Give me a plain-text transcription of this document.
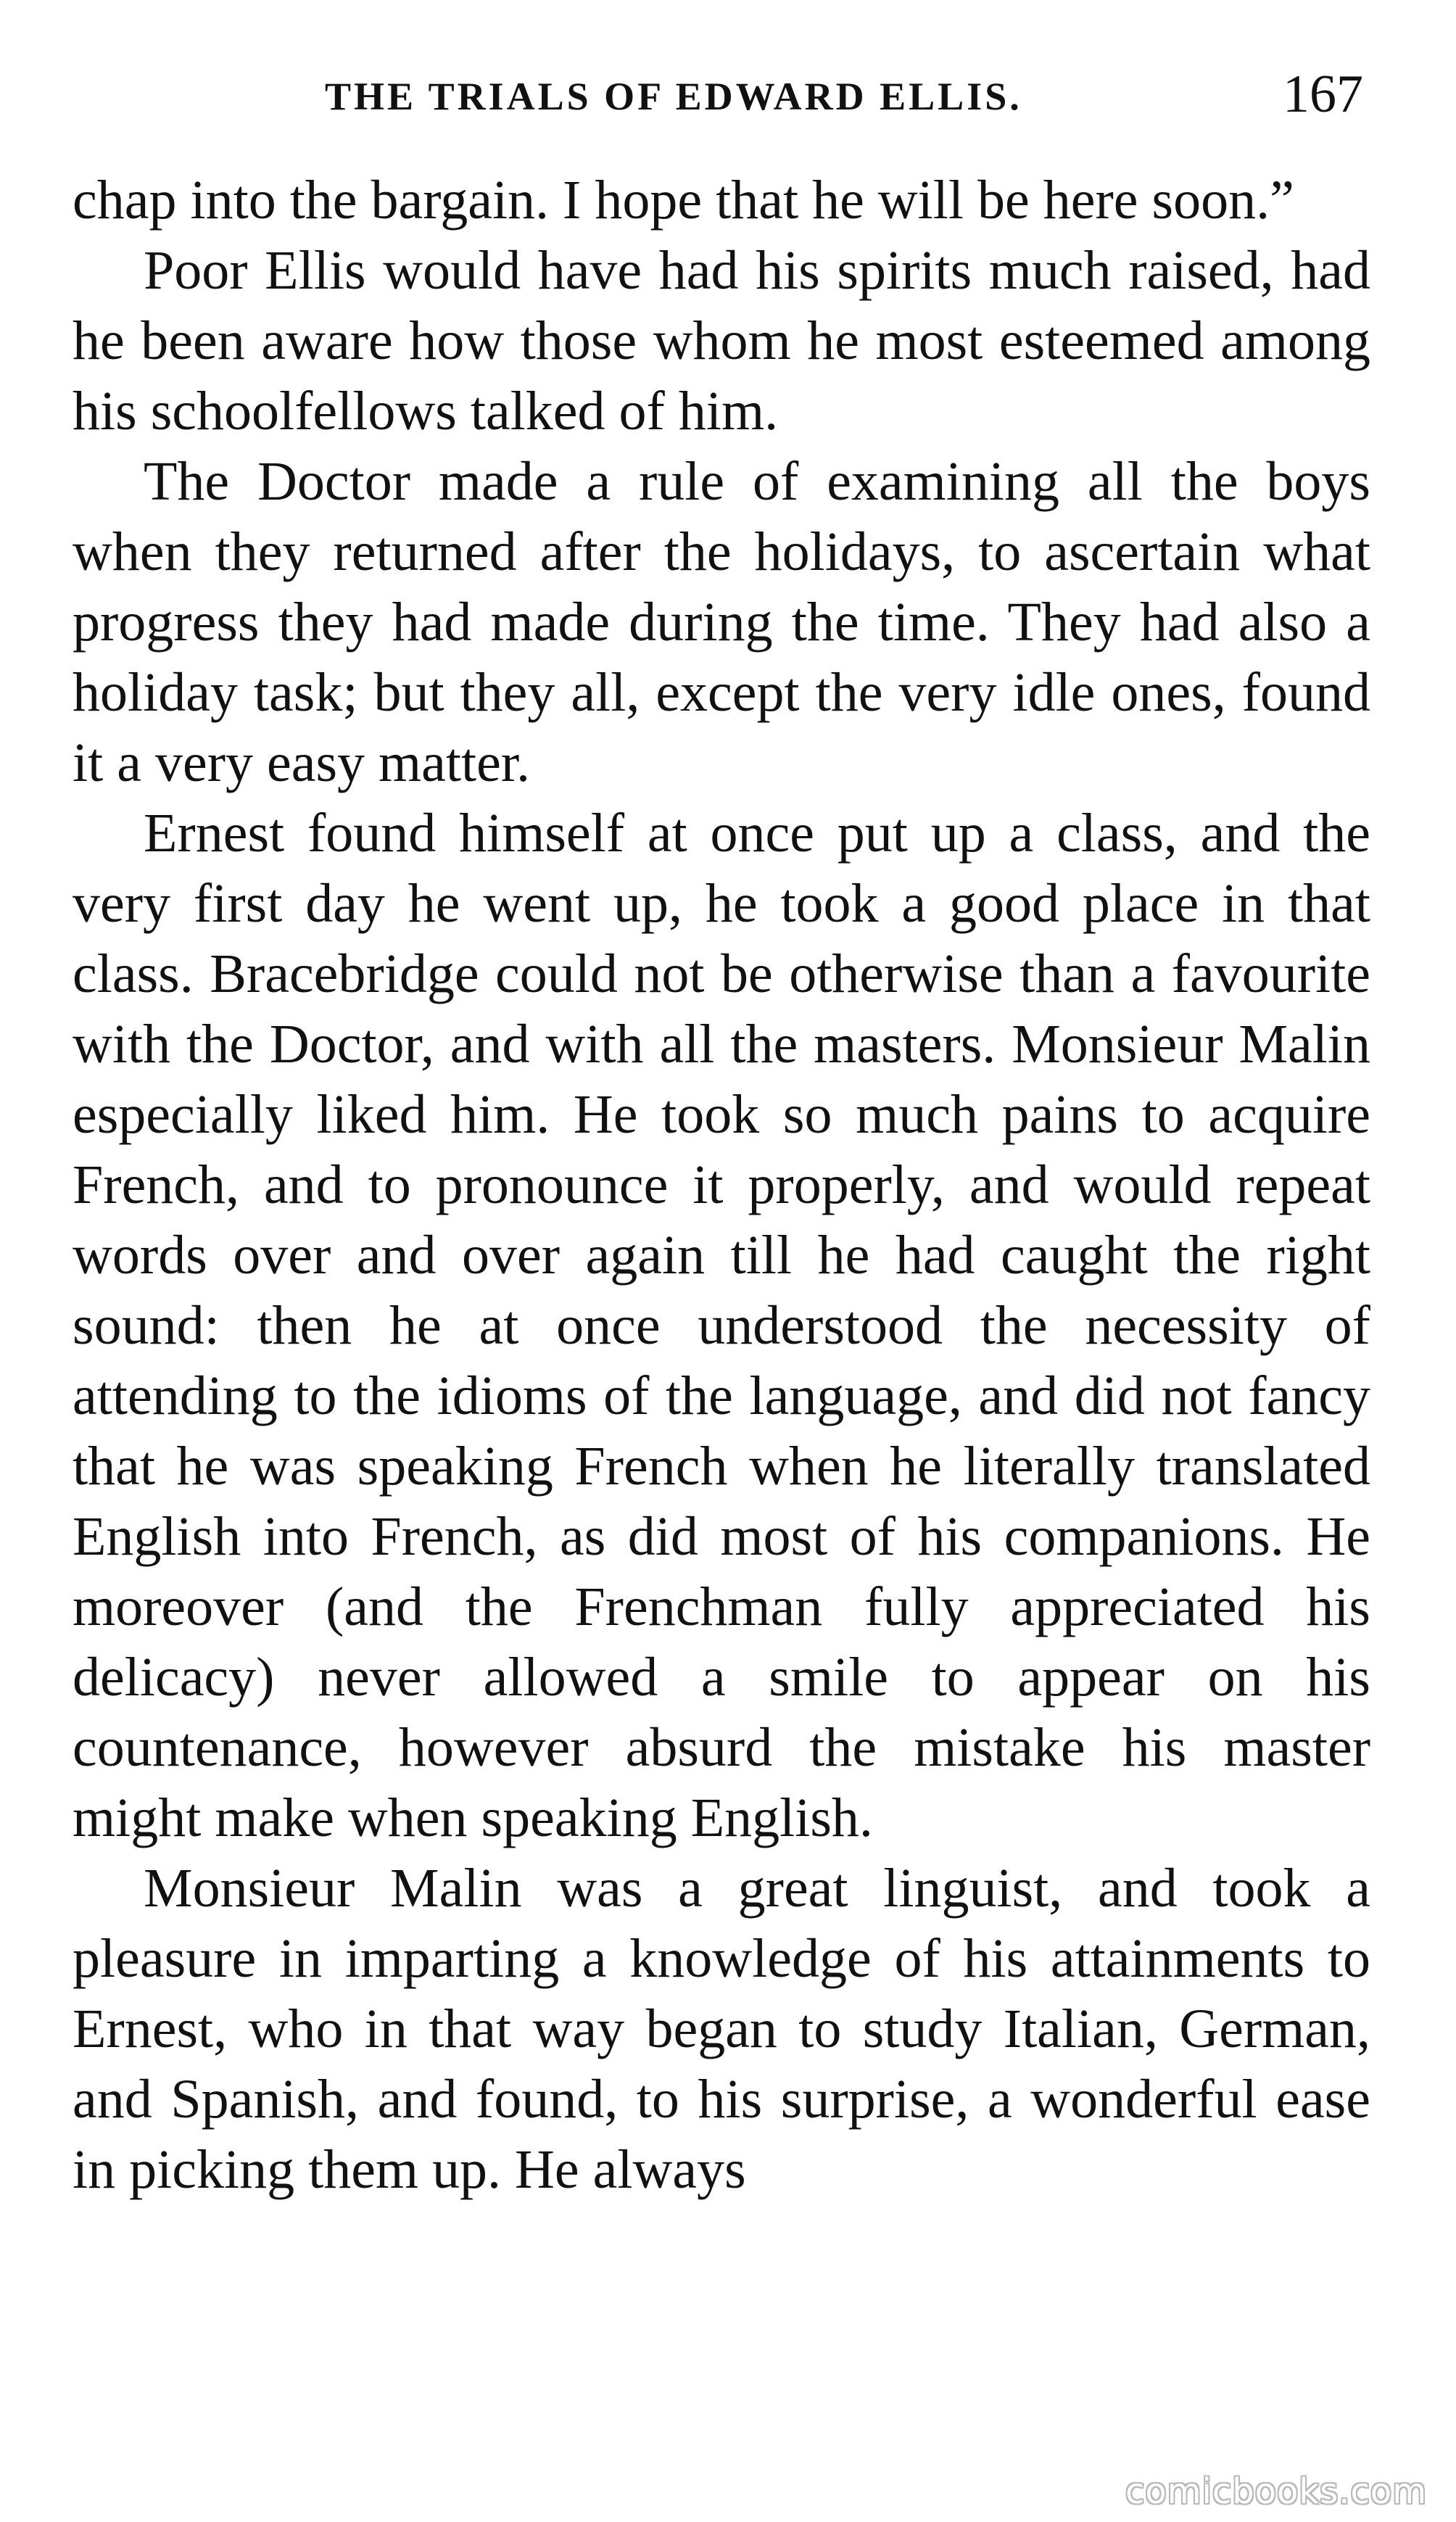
THE TRIALS OF EDWARD ELLIS.	167

chap into the bargain. I hope that he will be here soon.”

Poor Ellis would have had his spirits much raised, had he been aware how those whom he most esteemed among his schoolfellows talked of him.

The Doctor made a rule of examining all the boys when they returned after the holidays, to ascertain what progress they had made during the time. They had also a holiday task; but they all, except the very idle ones, found it a very easy matter.

Ernest found himself at once put up a class, and the very first day he went up, he took a good place in that class. Bracebridge could not be otherwise than a favourite with the Doctor, and with all the masters. Monsieur Malin especially liked him. He took so much pains to acquire French, and to pronounce it properly, and would repeat words over and over again till he had caught the right sound: then he at once understood the necessity of attending to the idioms of the language, and did not fancy that he was speaking French when he literally translated English into French, as did most of his companions. He moreover (and the Frenchman fully appreciated his delicacy) never allowed a smile to appear on his countenance, however absurd the mistake his master might make when speaking English.

Monsieur Malin was a great linguist, and took a pleasure in imparting a knowledge of his attainments to Ernest, who in that way began to study Italian, German, and Spanish, and found, to his surprise, a wonderful ease in picking them up. He always

comicbooks.com
